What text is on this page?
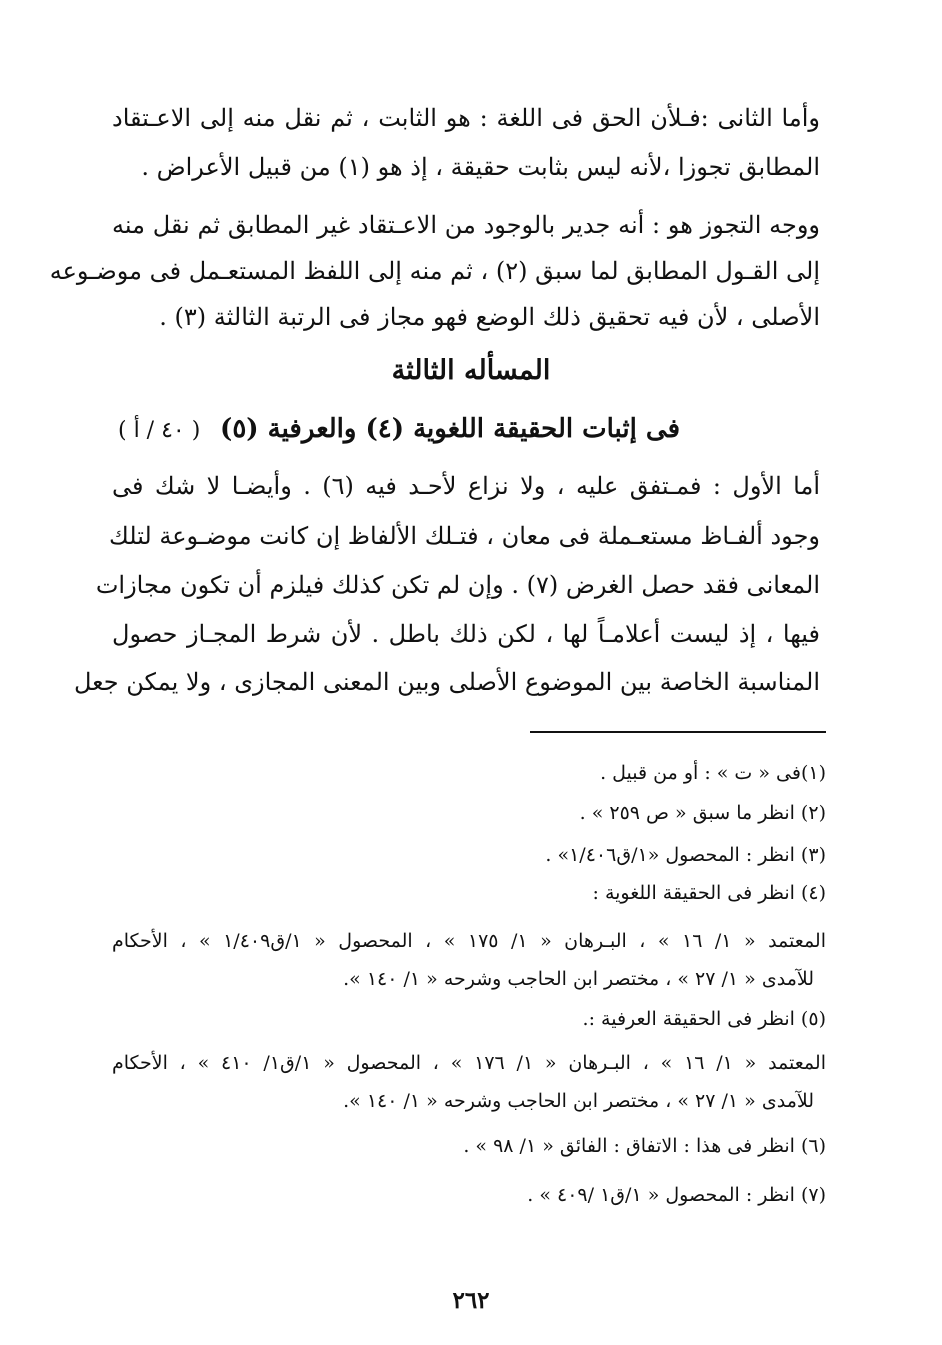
وأما الثانى :فـلأن الحق فى اللغة : هو الثابت ، ثم نقل منه إلى الاعـتقاد
المطابق تجوزا ،لأنه ليس بثابت حقيقة ، إذ هو (١) من قبيل الأعراض .
ووجه التجوز هو : أنه جدير بالوجود من الاعـتقاد غير المطابق ثم نقل منه
إلى القـول المطابق لما سبق (٢) ، ثم منه إلى اللفظ المستعـمل فى موضـوعه
الأصلى ، لأن فيه تحقيق ذلك الوضع فهو مجاز فى الرتبة الثالثة (٣) .
المسأله الثالثة
فى إثبات الحقيقة اللغوية (٤) والعرفية (٥)
( ٤٠ / أ )
أما الأول : فمـتفق عليه ، ولا نزاع لأحـد فيه (٦) . وأيضـا لا شك فى
وجود ألفـاظ مستعـملة فى معان ، فتـلك الألفاظ إن كانت موضـوعة لتلك
المعانى فقد حصل الغرض (٧) . وإن لم تكن كذلك فيلزم أن تكون مجازات
فيها ، إذ ليست أعلامـاً لها ، لكن ذلك باطل . لأن شرط المجـاز حصول
المناسبة الخاصة بين الموضوع الأصلى وبين المعنى المجازى ، ولا يمكن جعل
(١)فى « ت » : أو من قبيل .
(٢) انظر ما سبق « ص ٢٥٩ » .
(٣) انظر : المحصول «١/ق١/٤٠٦» .
(٤) انظر فى الحقيقة اللغوية :
المعتمد « ١/ ١٦ » ، البـرهان « ١/ ١٧٥ » ، المحصول « ١/ق١/٤٠٩ » ، الأحكام
للآمدى « ١/ ٢٧ » ، مختصر ابن الحاجب وشرحه « ١/ ١٤٠ ».
(٥) انظر فى الحقيقة العرفية :.
المعتمد « ١/ ١٦ » ، البـرهان « ١/ ١٧٦ » ، المحصول « ١/ق١/ ٤١٠ » ، الأحكام
للآمدى « ١/ ٢٧ » ، مختصر ابن الحاجب وشرحه « ١/ ١٤٠ ».
(٦) انظر فى هذا : الاتفاق : الفائق « ١/ ٩٨ » .
(٧) انظر : المحصول « ١/ق١ /٤٠٩ » .
٢٦٢
